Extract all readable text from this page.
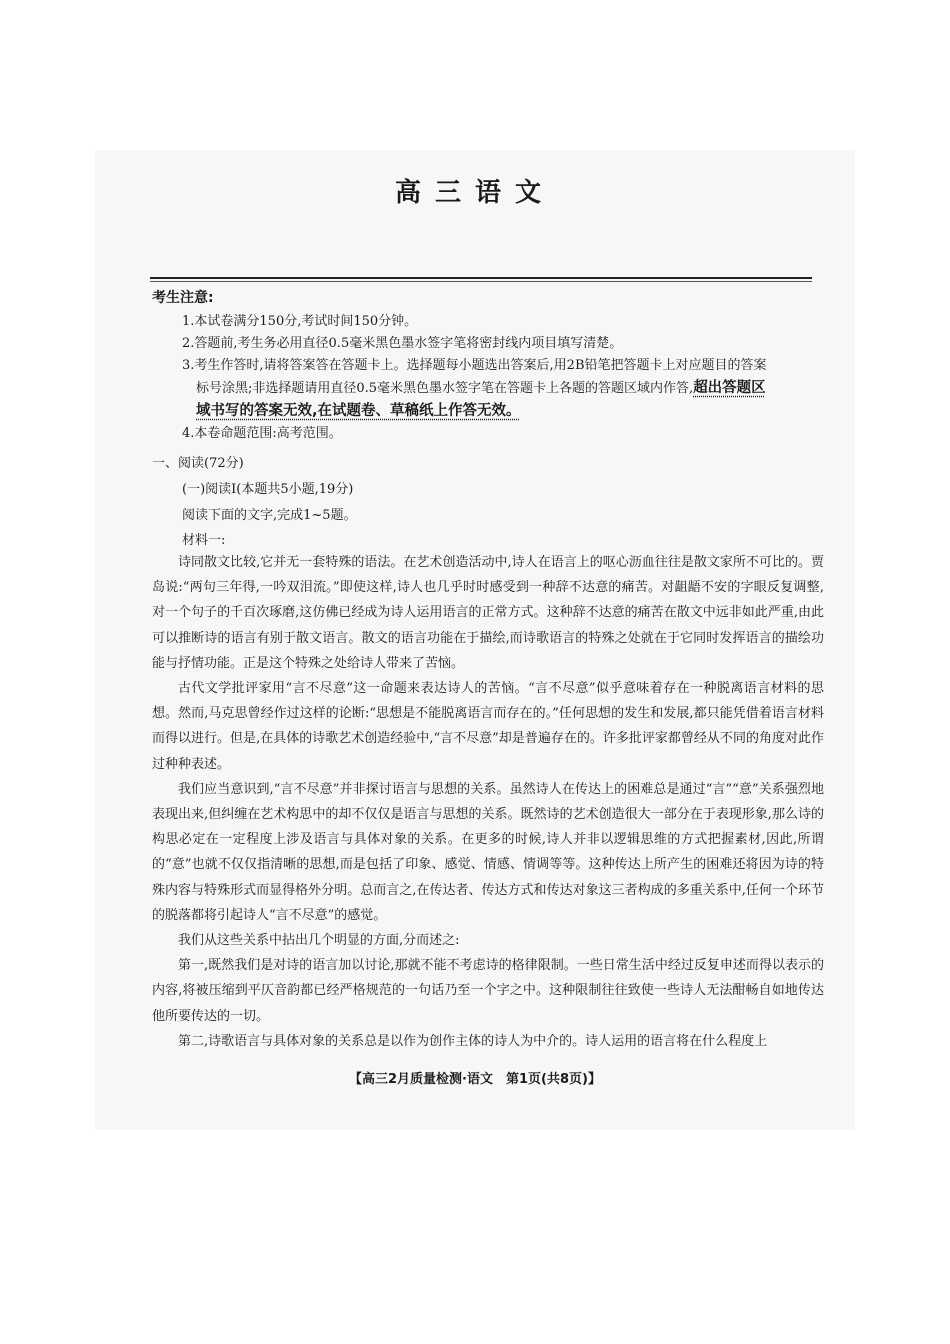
高三语文
考生注意:
1.本试卷满分150分,考试时间150分钟。
2.答题前,考生务必用直径0.5毫米黑色墨水签字笔将密封线内项目填写清楚。
3.考生作答时,请将答案答在答题卡上。选择题每小题选出答案后,用2B铅笔把答题卡上对应题目的答案
标号涂黑;非选择题请用直径0.5毫米黑色墨水签字笔在答题卡上各题的答题区域内作答,超出答题区
域书写的答案无效,在试题卷、草稿纸上作答无效。
4.本卷命题范围:高考范围。
一、阅读(72分)
(一)阅读Ⅰ(本题共5小题,19分)
阅读下面的文字,完成1~5题。
材料一:

诗同散文比较,它并无一套特殊的语法。在艺术创造活动中,诗人在语言上的呕心沥血往往是散文家所不可比的。贾岛说:“两句三年得,一吟双泪流。”即使这样,诗人也几乎时时感受到一种辞不达意的痛苦。对龃龉不安的字眼反复调整,对一个句子的千百次琢磨,这仿佛已经成为诗人运用语言的正常方式。这种辞不达意的痛苦在散文中远非如此严重,由此可以推断诗的语言有别于散文语言。散文的语言功能在于描绘,而诗歌语言的特殊之处就在于它同时发挥语言的描绘功能与抒情功能。正是这个特殊之处给诗人带来了苦恼。

古代文学批评家用“言不尽意”这一命题来表达诗人的苦恼。“言不尽意”似乎意味着存在一种脱离语言材料的思想。然而,马克思曾经作过这样的论断:“思想是不能脱离语言而存在的。”任何思想的发生和发展,都只能凭借着语言材料而得以进行。但是,在具体的诗歌艺术创造经验中,“言不尽意”却是普遍存在的。许多批评家都曾经从不同的角度对此作过种种表述。

我们应当意识到,“言不尽意”并非探讨语言与思想的关系。虽然诗人在传达上的困难总是通过“言”“意”关系强烈地表现出来,但纠缠在艺术构思中的却不仅仅是语言与思想的关系。既然诗的艺术创造很大一部分在于表现形象,那么诗的构思必定在一定程度上涉及语言与具体对象的关系。在更多的时候,诗人并非以逻辑思维的方式把握素材,因此,所谓的“意”也就不仅仅指清晰的思想,而是包括了印象、感觉、情感、情调等等。这种传达上所产生的困难还将因为诗的特殊内容与特殊形式而显得格外分明。总而言之,在传达者、传达方式和传达对象这三者构成的多重关系中,任何一个环节的脱落都将引起诗人“言不尽意”的感觉。

我们从这些关系中拈出几个明显的方面,分而述之:

第一,既然我们是对诗的语言加以讨论,那就不能不考虑诗的格律限制。一些日常生活中经过反复申述而得以表示的内容,将被压缩到平仄音韵都已经严格规范的一句话乃至一个字之中。这种限制往往致使一些诗人无法酣畅自如地传达他所要传达的一切。

第二,诗歌语言与具体对象的关系总是以作为创作主体的诗人为中介的。诗人运用的语言将在什么程度上

【高三2月质量检测·语文　第1页(共8页)】
